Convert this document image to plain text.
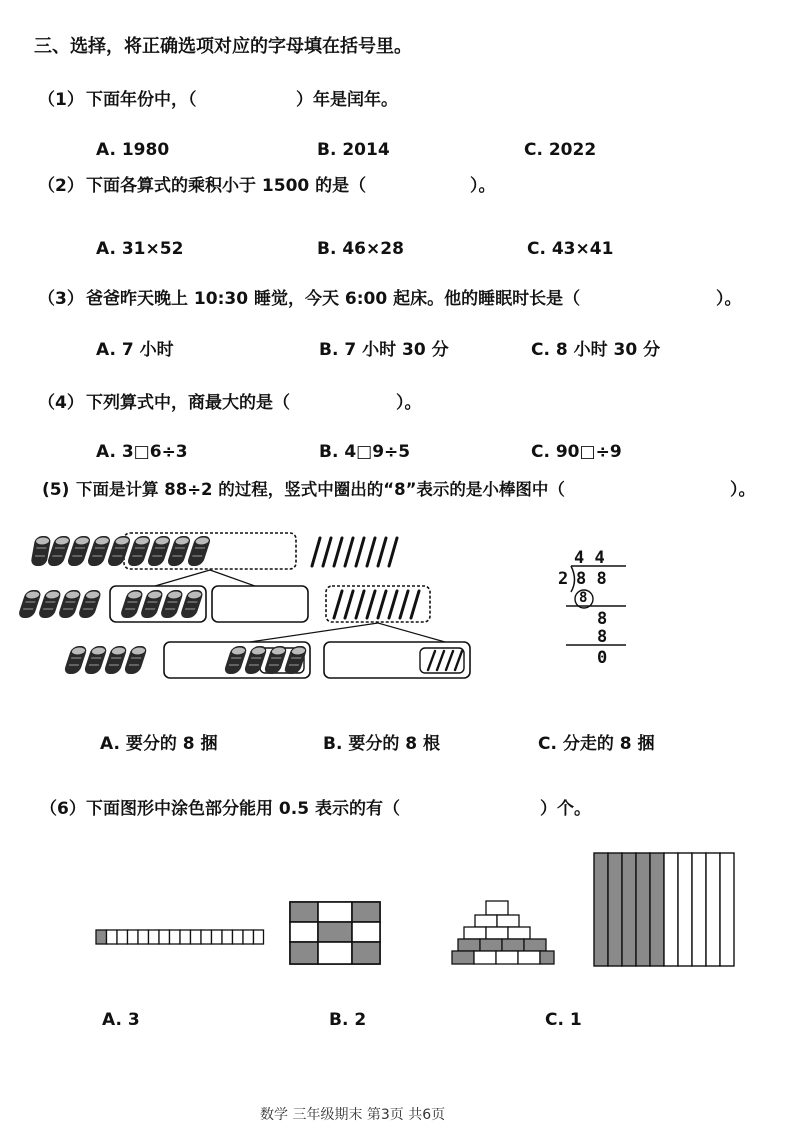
三、选择，将正确选项对应的字母填在括号里。
（1） 下面年份中，（	）年是闰年。
A. 1980	B. 2014	C. 2022
（2） 下面各算式的乘积小于 1500 的是（	）。
A. 31×52	B. 46×28	C. 43×41
（3） 爸爸昨天晚上 10:30 睡觉，今天 6:00 起床。他的睡眠时长是（	）。
A. 7 小时	B. 7 小时 30 分	C. 8 小时 30 分
（4） 下列算式中，商最大的是（	）。
A. 3□6÷3	B. 4□9÷5	C. 90□÷9
(5) 下面是计算 88÷2 的过程，竖式中圈出的“8”表示的是小棒图中（	）。
4 4
2 8 8
8
8
8
0
A. 要分的 8 捆	B. 要分的 8 根	C. 分走的 8 捆
（6） 下面图形中涂色部分能用 0.5 表示的有（	）个。
A. 3	B. 2	C. 1
数学 三年级期末 第3页 共6页
